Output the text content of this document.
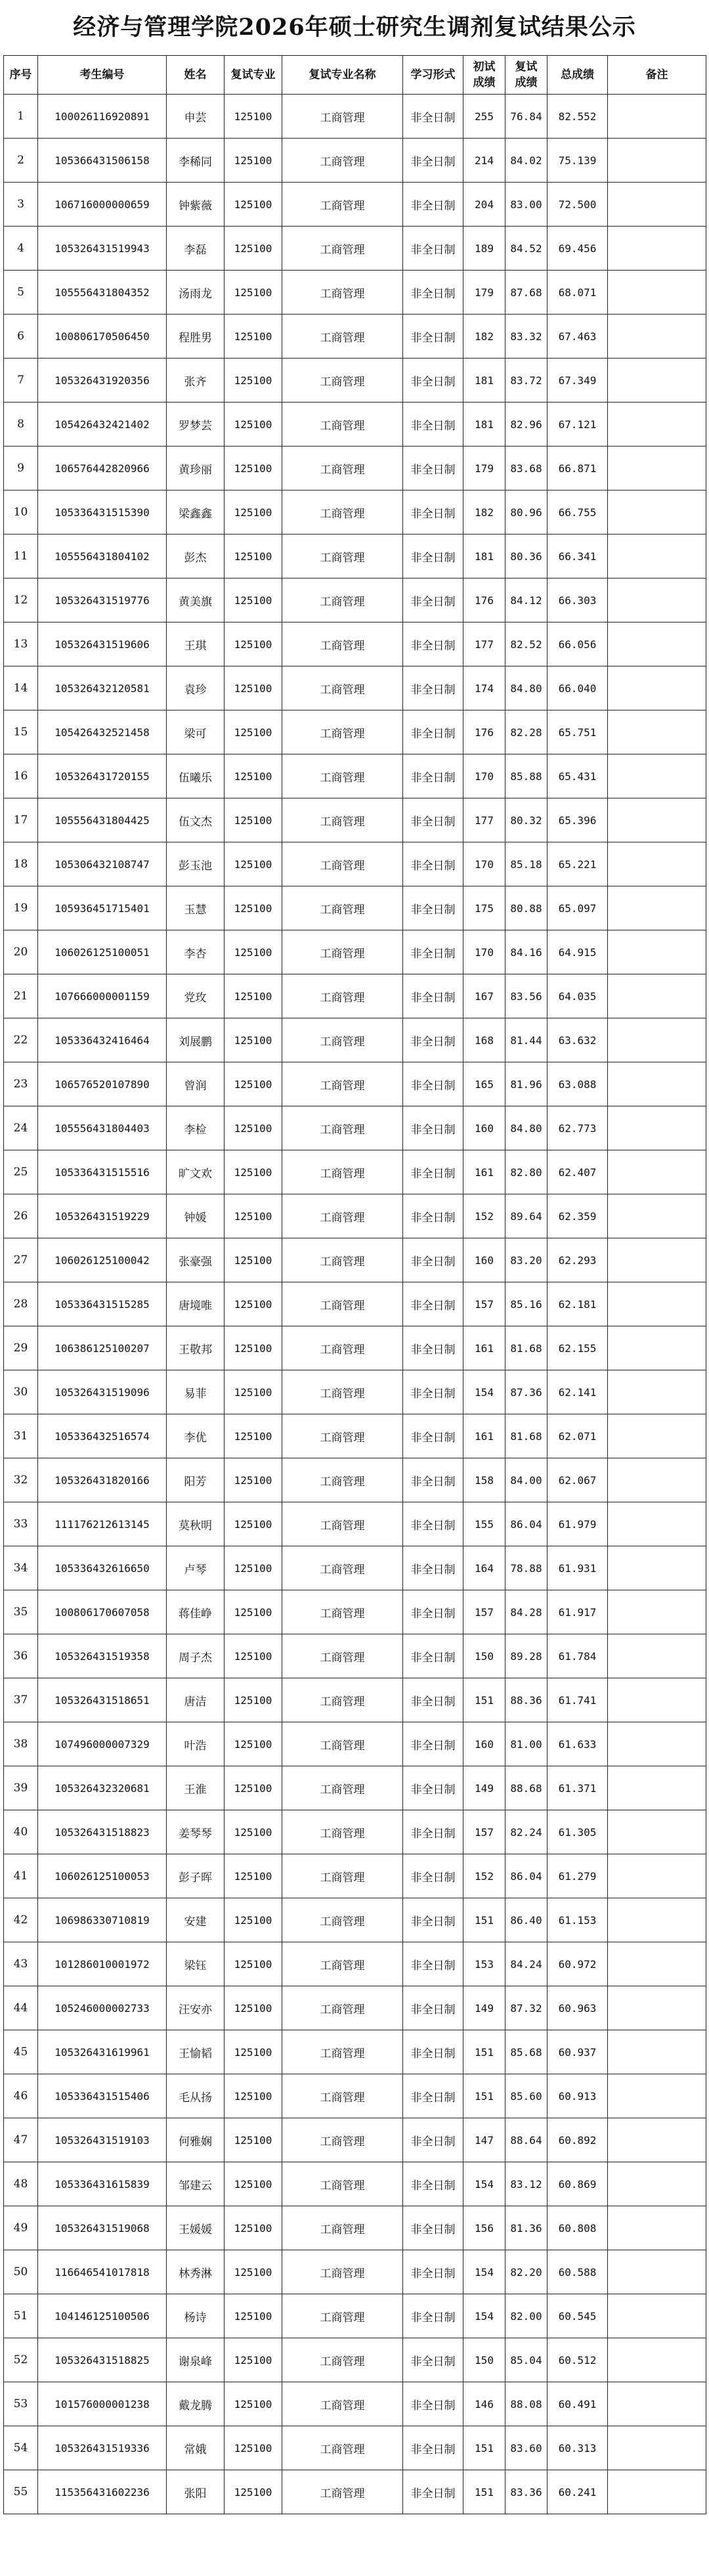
经济与管理学院2026年硕士研究生调剂复试结果公示
序号	考生编号	姓名	复试专业	复试专业名称	学习形式	初试成绩	复试成绩	总成绩	备注
1	100026116920891	申芸	125100	工商管理	非全日制	255	76.84	82.552	
2	105366431506158	李稀同	125100	工商管理	非全日制	214	84.02	75.139	
3	106716000000659	钟紫薇	125100	工商管理	非全日制	204	83.00	72.500	
4	105326431519943	李磊	125100	工商管理	非全日制	189	84.52	69.456	
5	105556431804352	汤雨龙	125100	工商管理	非全日制	179	87.68	68.071	
6	100806170506450	程胜男	125100	工商管理	非全日制	182	83.32	67.463	
7	105326431920356	张齐	125100	工商管理	非全日制	181	83.72	67.349	
8	105426432421402	罗梦芸	125100	工商管理	非全日制	181	82.96	67.121	
9	106576442820966	黄珍丽	125100	工商管理	非全日制	179	83.68	66.871	
10	105336431515390	梁鑫鑫	125100	工商管理	非全日制	182	80.96	66.755	
11	105556431804102	彭杰	125100	工商管理	非全日制	181	80.36	66.341	
12	105326431519776	黄美旗	125100	工商管理	非全日制	176	84.12	66.303	
13	105326431519606	王琪	125100	工商管理	非全日制	177	82.52	66.056	
14	105326432120581	袁珍	125100	工商管理	非全日制	174	84.80	66.040	
15	105426432521458	梁可	125100	工商管理	非全日制	176	82.28	65.751	
16	105326431720155	伍曦乐	125100	工商管理	非全日制	170	85.88	65.431	
17	105556431804425	伍文杰	125100	工商管理	非全日制	177	80.32	65.396	
18	105306432108747	彭玉池	125100	工商管理	非全日制	170	85.18	65.221	
19	105936451715401	玉慧	125100	工商管理	非全日制	175	80.88	65.097	
20	106026125100051	李杏	125100	工商管理	非全日制	170	84.16	64.915	
21	107666000001159	党玫	125100	工商管理	非全日制	167	83.56	64.035	
22	105336432416464	刘展鹏	125100	工商管理	非全日制	168	81.44	63.632	
23	106576520107890	曾润	125100	工商管理	非全日制	165	81.96	63.088	
24	105556431804403	李检	125100	工商管理	非全日制	160	84.80	62.773	
25	105336431515516	旷文欢	125100	工商管理	非全日制	161	82.80	62.407	
26	105326431519229	钟媛	125100	工商管理	非全日制	152	89.64	62.359	
27	106026125100042	张豪强	125100	工商管理	非全日制	160	83.20	62.293	
28	105336431515285	唐境唯	125100	工商管理	非全日制	157	85.16	62.181	
29	106386125100207	王敬邦	125100	工商管理	非全日制	161	81.68	62.155	
30	105326431519096	易菲	125100	工商管理	非全日制	154	87.36	62.141	
31	105336432516574	李优	125100	工商管理	非全日制	161	81.68	62.071	
32	105326431820166	阳芳	125100	工商管理	非全日制	158	84.00	62.067	
33	111176212613145	莫秋明	125100	工商管理	非全日制	155	86.04	61.979	
34	105336432616650	卢琴	125100	工商管理	非全日制	164	78.88	61.931	
35	100806170607058	蒋佳峥	125100	工商管理	非全日制	157	84.28	61.917	
36	105326431519358	周子杰	125100	工商管理	非全日制	150	89.28	61.784	
37	105326431518651	唐洁	125100	工商管理	非全日制	151	88.36	61.741	
38	107496000007329	叶浩	125100	工商管理	非全日制	160	81.00	61.633	
39	105326432320681	王淮	125100	工商管理	非全日制	149	88.68	61.371	
40	105326431518823	姜琴琴	125100	工商管理	非全日制	157	82.24	61.305	
41	106026125100053	彭子晖	125100	工商管理	非全日制	152	86.04	61.279	
42	106986330710819	安建	125100	工商管理	非全日制	151	86.40	61.153	
43	101286010001972	梁钰	125100	工商管理	非全日制	153	84.24	60.972	
44	105246000002733	汪安亦	125100	工商管理	非全日制	149	87.32	60.963	
45	105326431619961	王愉韬	125100	工商管理	非全日制	151	85.68	60.937	
46	105336431515406	毛从扬	125100	工商管理	非全日制	151	85.60	60.913	
47	105326431519103	何雅娴	125100	工商管理	非全日制	147	88.64	60.892	
48	105336431615839	邹建云	125100	工商管理	非全日制	154	83.12	60.869	
49	105326431519068	王媛媛	125100	工商管理	非全日制	156	81.36	60.808	
50	116646541017818	林秀淋	125100	工商管理	非全日制	154	82.20	60.588	
51	104146125100506	杨诗	125100	工商管理	非全日制	154	82.00	60.545	
52	105326431518825	谢泉峰	125100	工商管理	非全日制	150	85.04	60.512	
53	101576000001238	戴龙腾	125100	工商管理	非全日制	146	88.08	60.491	
54	105326431519336	常娥	125100	工商管理	非全日制	151	83.60	60.313	
55	115356431602236	张阳	125100	工商管理	非全日制	151	83.36	60.241	
